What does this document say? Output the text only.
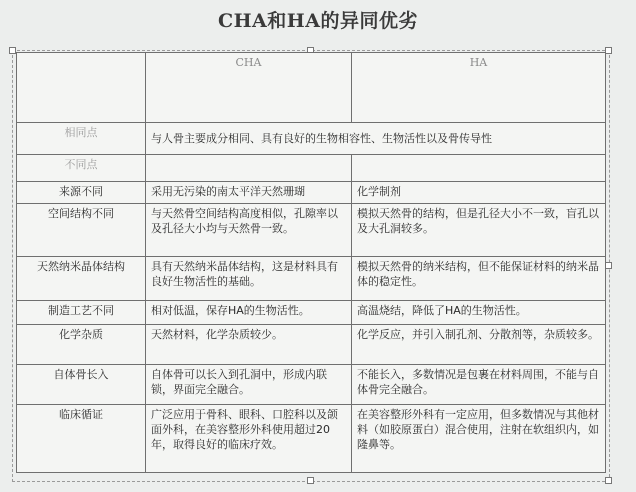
CHA和HA的异同优劣
	CHA	HA
相同点	与人骨主要成分相同、具有良好的生物相容性、生物活性以及骨传导性	
不同点		
来源不同	采用无污染的南太平洋天然珊瑚	化学制剂
空间结构不同	与天然骨空间结构高度相似，孔隙率以及孔径大小均与天然骨一致。	模拟天然骨的结构，但是孔径大小不一致，盲孔以及大孔洞较多。
天然纳米晶体结构	具有天然纳米晶体结构，这是材料具有良好生物活性的基础。	模拟天然骨的纳米结构，但不能保证材料的纳米晶体的稳定性。
制造工艺不同	相对低温，保存HA的生物活性。	高温烧结，降低了HA的生物活性。
化学杂质	天然材料，化学杂质较少。	化学反应，并引入制孔剂、分散剂等，杂质较多。
自体骨长入	自体骨可以长入到孔洞中，形成内联锁，界面完全融合。	不能长入，多数情况是包裹在材料周围，不能与自体骨完全融合。
临床循证	广泛应用于骨科、眼科、口腔科以及颌面外科，在美容整形外科使用超过20年，取得良好的临床疗效。	在美容整形外科有一定应用，但多数情况与其他材料（如胶原蛋白）混合使用，注射在软组织内，如隆鼻等。
